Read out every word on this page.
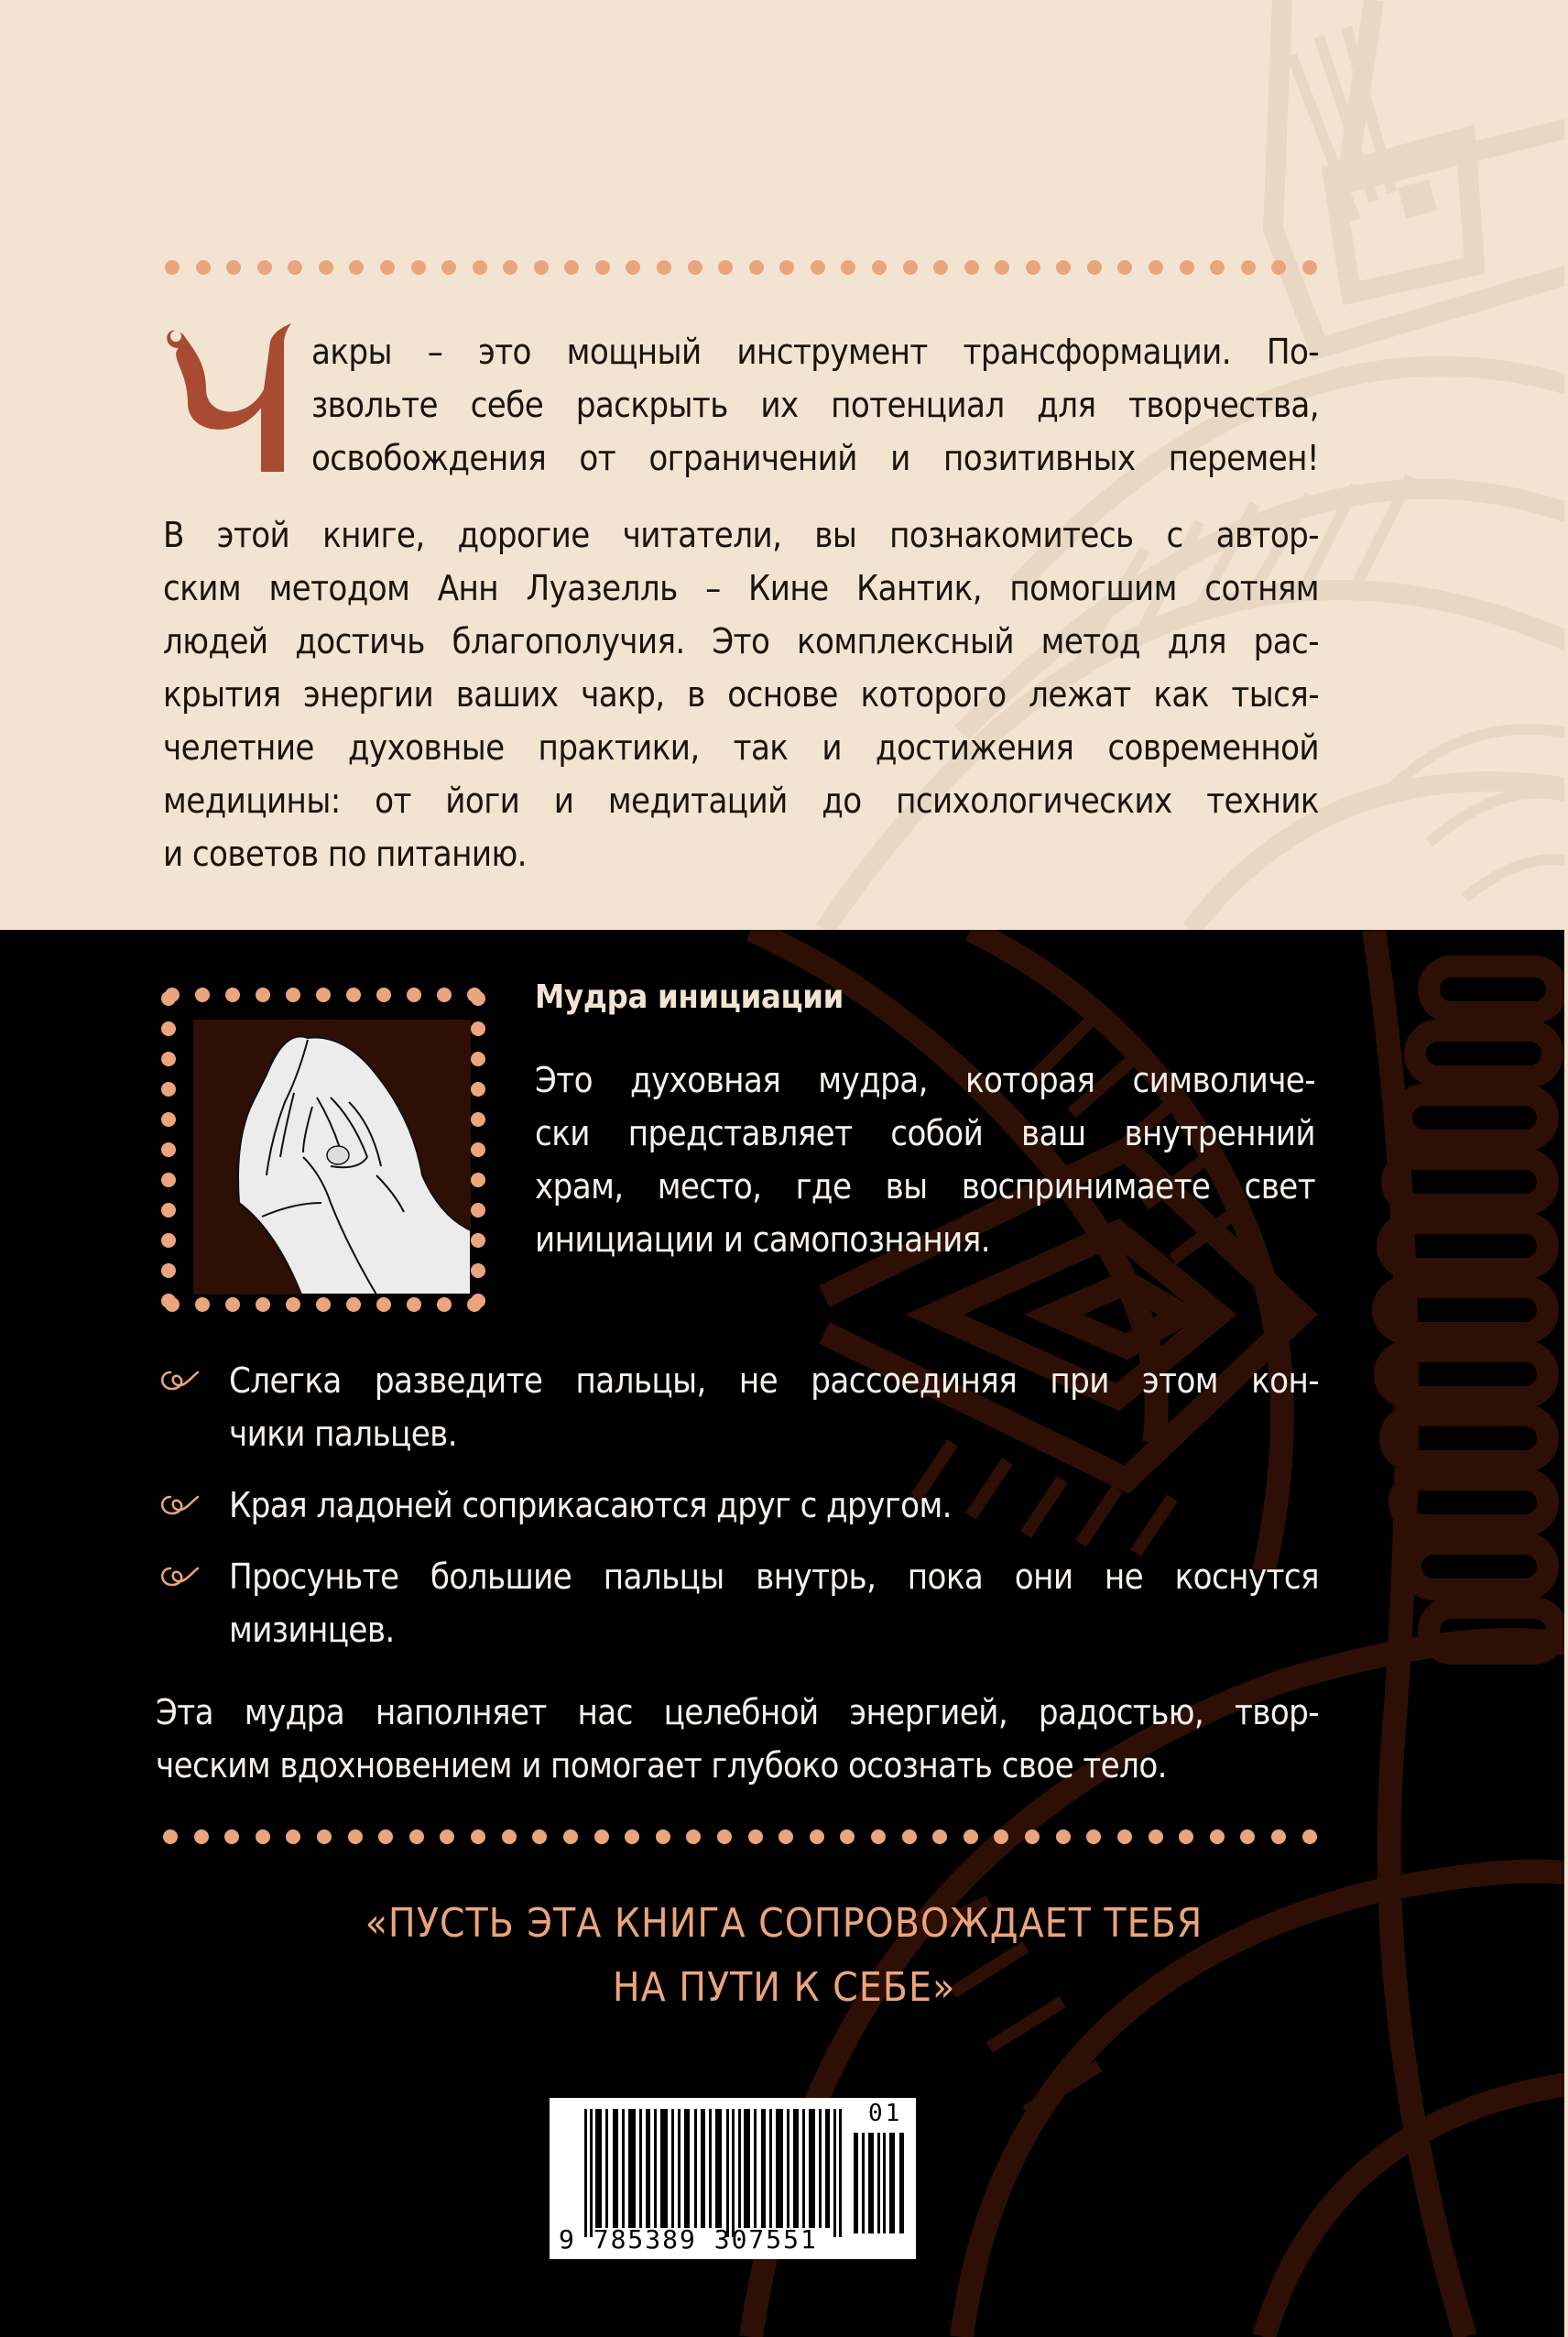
акры – это мощный инструмент трансформации. По-
звольте себе раскрыть их потенциал для творчества,
освобождения от ограничений и позитивных перемен!
В этой книге, дорогие читатели, вы познакомитесь с автор-
ским методом Анн Луазелль – Кине Кантик, помогшим сотням
людей достичь благополучия. Это комплексный метод для рас-
крытия энергии ваших чакр, в основе которого лежат как тыся-
челетние духовные практики, так и достижения современной
медицины: от йоги и медитаций до психологических техник
и советов по питанию.
Мудра инициации
Это духовная мудра, которая символиче-
ски представляет собой ваш внутренний
храм, место, где вы воспринимаете свет
инициации и самопознания.
Слегка разведите пальцы, не рассоединяя при этом кон-
чики пальцев.
Края ладоней соприкасаются друг с другом.
Просуньте большие пальцы внутрь, пока они не коснутся
мизинцев.
Эта мудра наполняет нас целебной энергией, радостью, твор-
ческим вдохновением и помогает глубоко осознать свое тело.
«ПУСТЬ ЭТА КНИГА СОПРОВОЖДАЕТ ТЕБЯ
НА ПУТИ К СЕБЕ»
9 785389 307551
01
